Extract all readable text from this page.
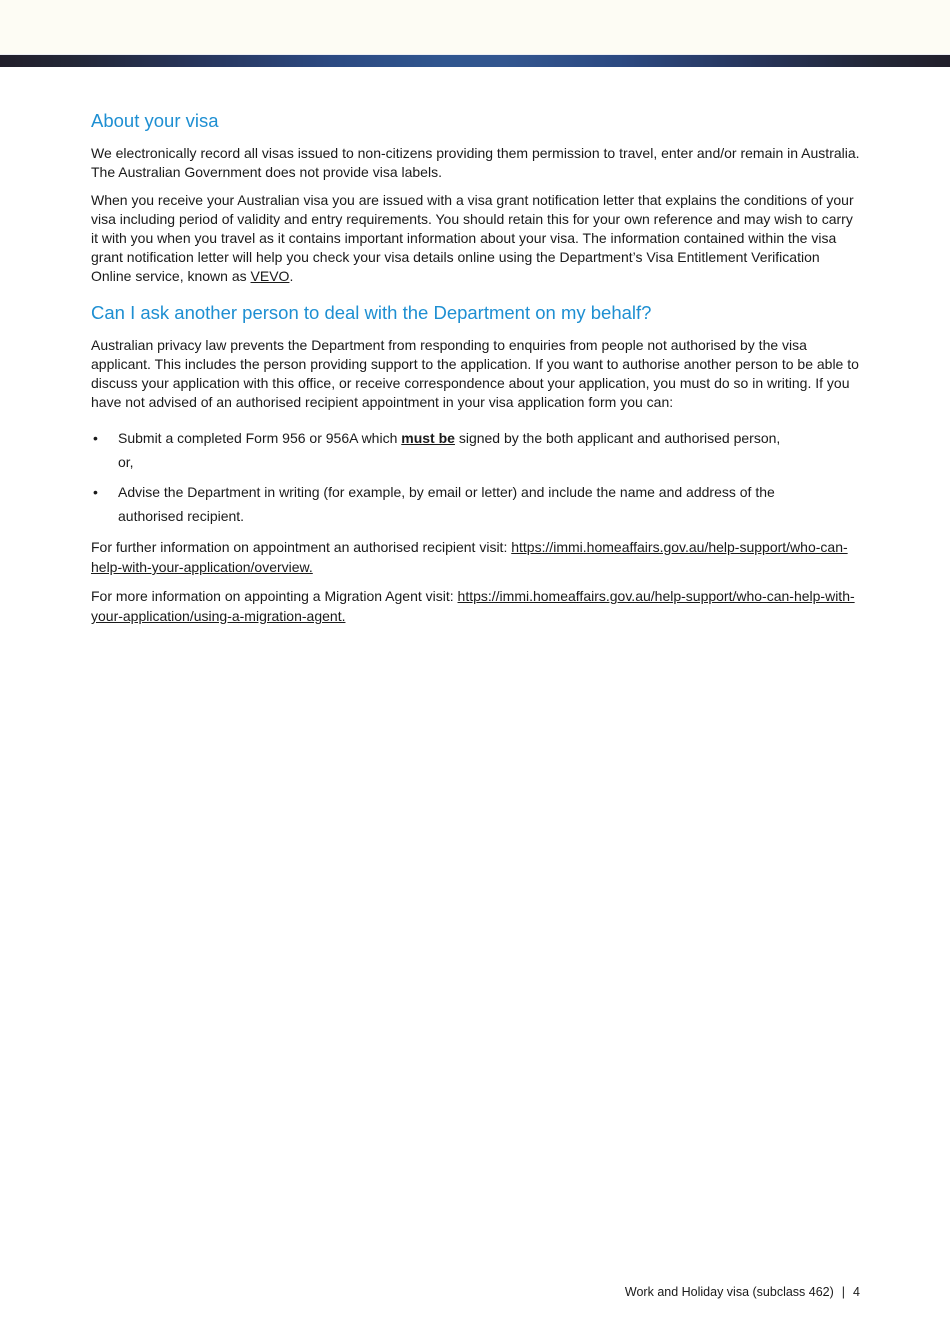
About your visa

We electronically record all visas issued to non-citizens providing them permission to travel, enter and/or remain in Australia. The Australian Government does not provide visa labels.

When you receive your Australian visa you are issued with a visa grant notification letter that explains the conditions of your visa including period of validity and entry requirements. You should retain this for your own reference and may wish to carry it with you when you travel as it contains important information about your visa. The information contained within the visa grant notification letter will help you check your visa details online using the Department’s Visa Entitlement Verification Online service, known as VEVO.

Can I ask another person to deal with the Department on my behalf?

Australian privacy law prevents the Department from responding to enquiries from people not authorised by the visa applicant. This includes the person providing support to the application. If you want to authorise another person to be able to discuss your application with this office, or receive correspondence about your application, you must do so in writing. If you have not advised of an authorised recipient appointment in your visa application form you can:

• Submit a completed Form 956 or 956A which must be signed by the both applicant and authorised person, or,
• Advise the Department in writing (for example, by email or letter) and include the name and address of the authorised recipient.

For further information on appointment an authorised recipient visit: https://immi.homeaffairs.gov.au/help-support/who-can-help-with-your-application/overview.

For more information on appointing a Migration Agent visit: https://immi.homeaffairs.gov.au/help-support/who-can-help-with-your-application/using-a-migration-agent.

Work and Holiday visa (subclass 462) | 4
